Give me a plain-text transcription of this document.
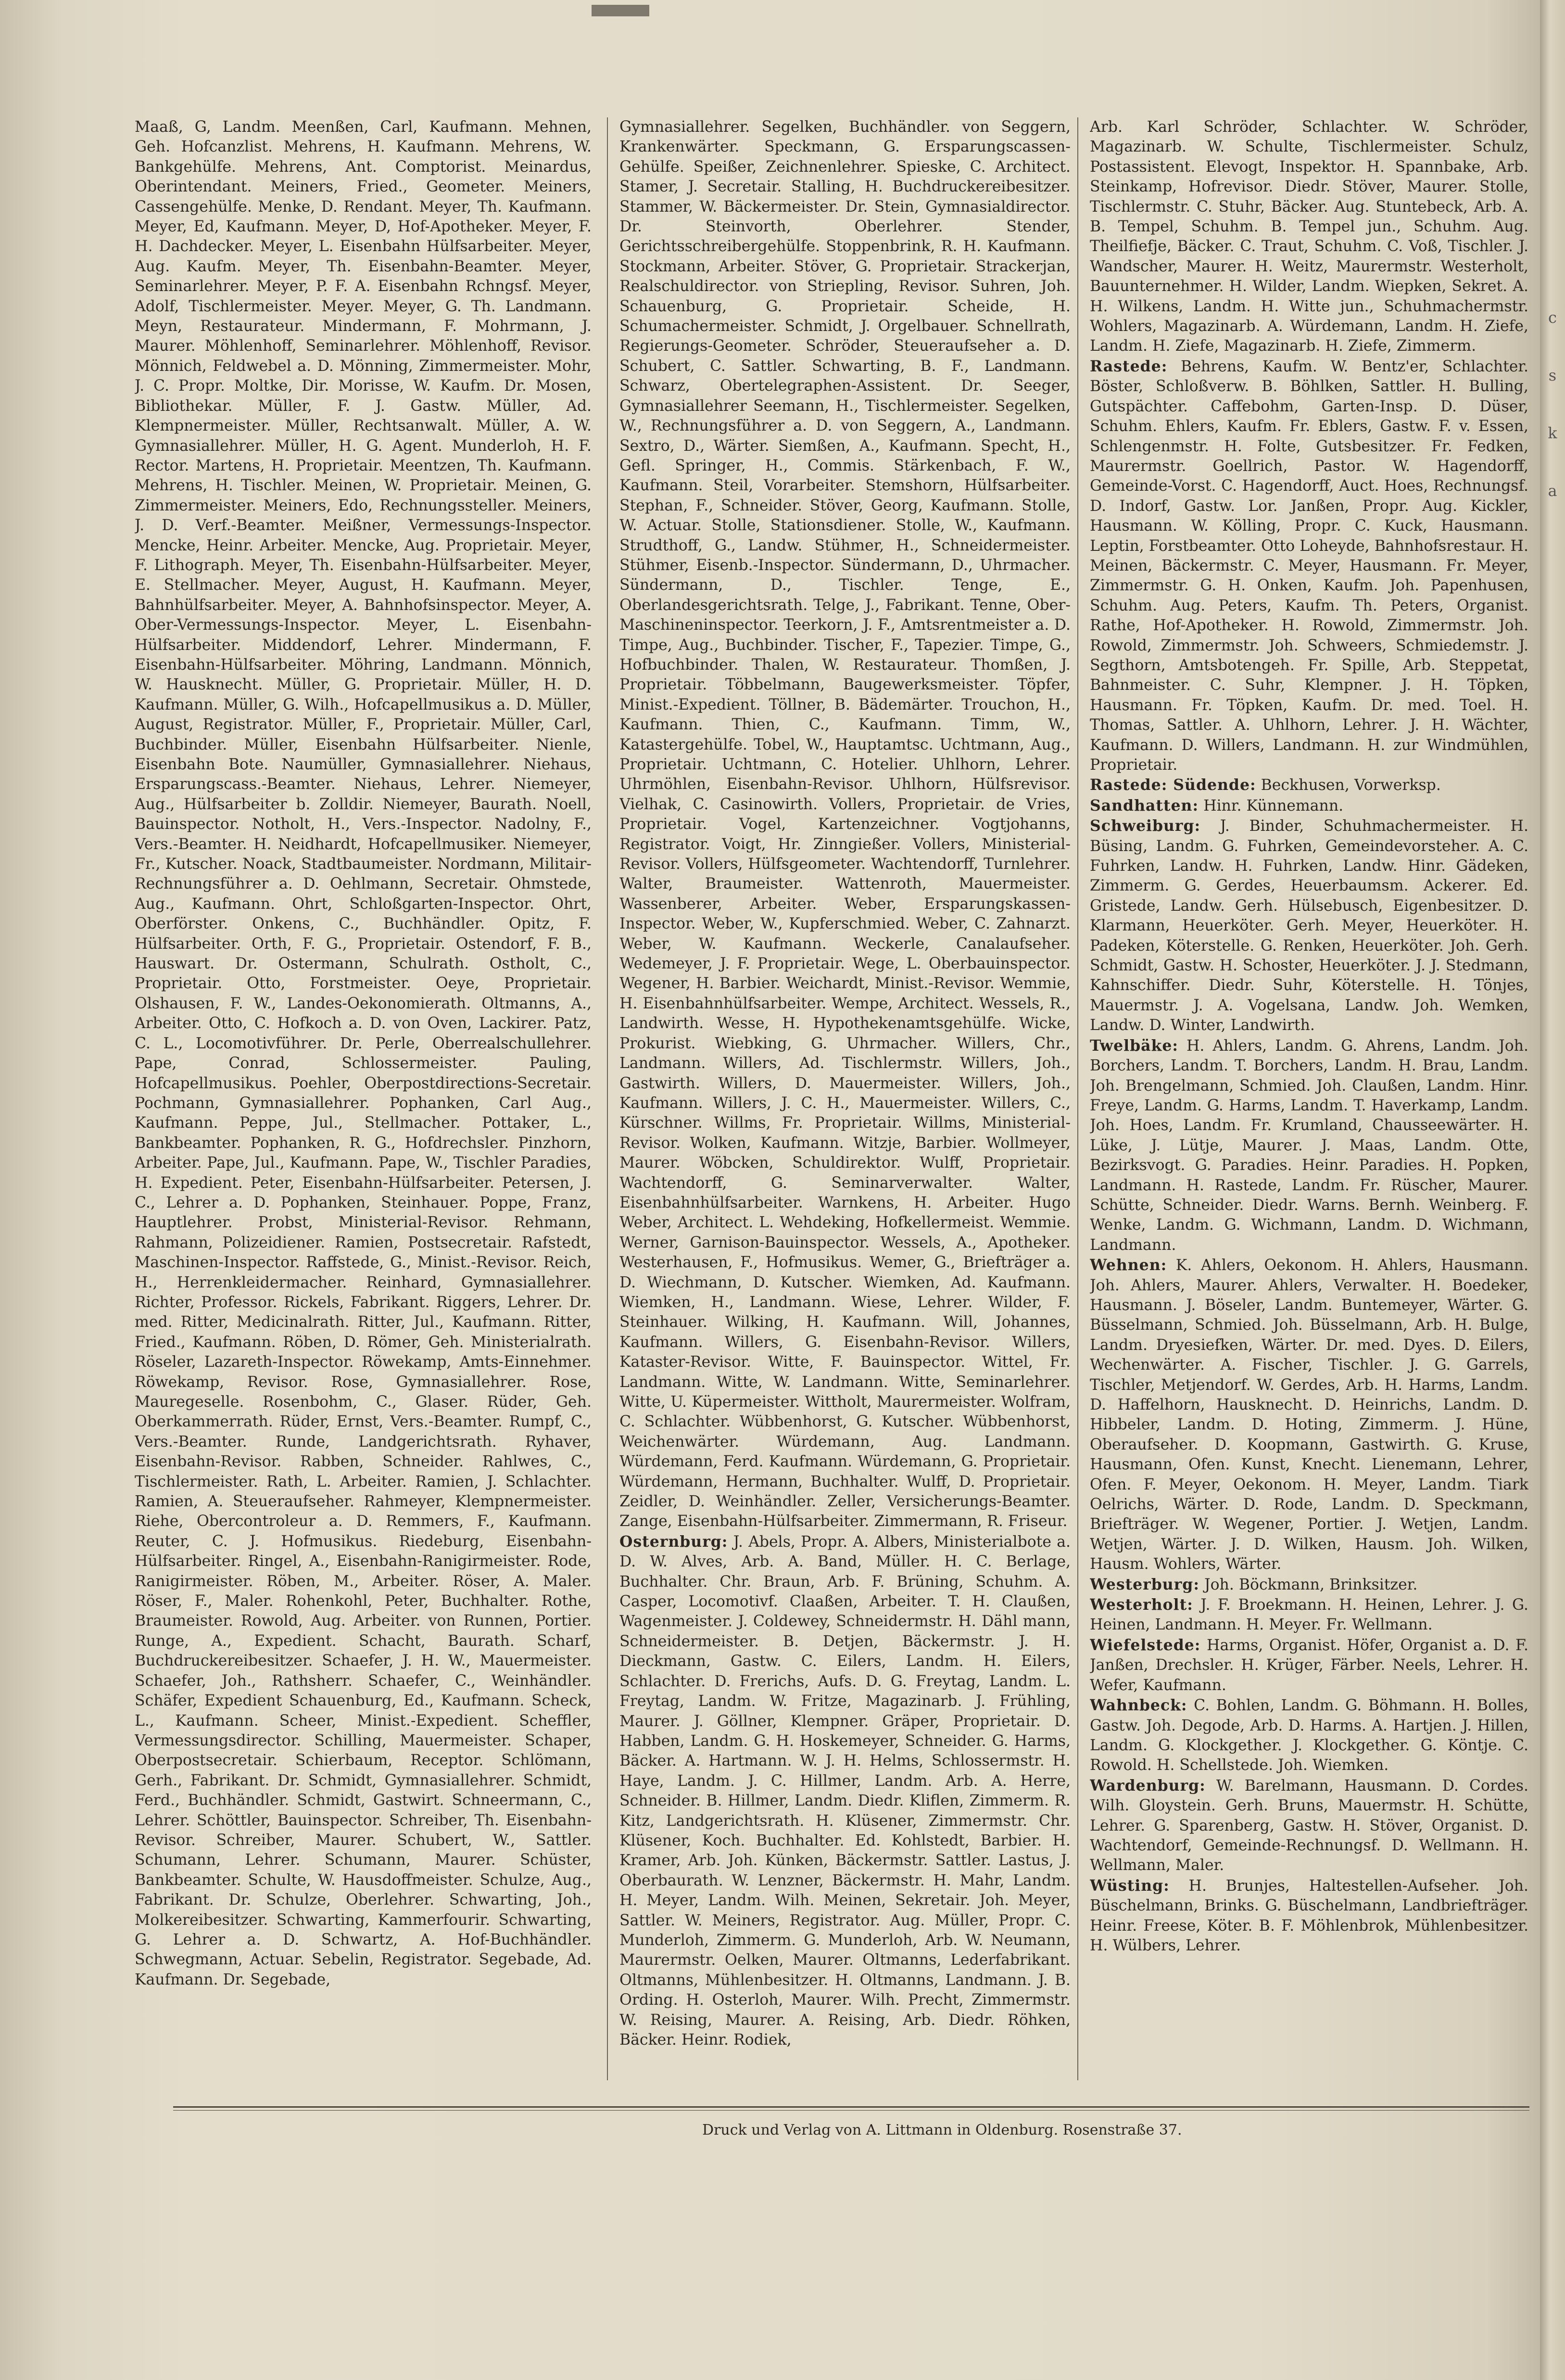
c s k a

Maaß, G, Landm. Meenßen, Carl, Kaufmann. Mehnen, Geh. Hofcanzlist. Mehrens, H. Kaufmann. Mehrens, W. Bankgehülfe. Mehrens, Ant. Comptorist. Meinardus, Oberintendant. Meiners, Fried., Geometer. Meiners, Cassengehülfe. Menke, D. Rendant. Meyer, Th. Kaufmann. Meyer, Ed, Kaufmann. Meyer, D, Hof-Apotheker. Meyer, F. H. Dachdecker. Meyer, L. Eisenbahn Hülfsarbeiter. Meyer, Aug. Kaufm. Meyer, Th. Eisenbahn-Beamter. Meyer, Seminarlehrer. Meyer, P. F. A. Eisenbahn Rchngsf. Meyer, Adolf, Tischlermeister. Meyer. Meyer, G. Th. Landmann. Meyn, Restaurateur. Mindermann, F. Mohrmann, J. Maurer. Möhlenhoff, Seminarlehrer. Möhlenhoff, Revisor. Mönnich, Feldwebel a. D. Mönning, Zimmermeister. Mohr, J. C. Propr. Moltke, Dir. Morisse, W. Kaufm. Dr. Mosen, Bibliothekar. Müller, F. J. Gastw. Müller, Ad. Klempnermeister. Müller, Rechtsanwalt. Müller, A. W. Gymnasiallehrer. Müller, H. G. Agent. Munderloh, H. F. Rector. Martens, H. Proprietair. Meentzen, Th. Kaufmann. Mehrens, H. Tischler. Meinen, W. Proprietair. Meinen, G. Zimmermeister. Meiners, Edo, Rechnungssteller. Meiners, J. D. Verf.-Beamter. Meißner, Vermessungs-Inspector. Mencke, Heinr. Arbeiter. Mencke, Aug. Proprietair. Meyer, F. Lithograph. Meyer, Th. Eisenbahn-Hülfsarbeiter. Meyer, E. Stellmacher. Meyer, August, H. Kaufmann. Meyer, Bahnhülfsarbeiter. Meyer, A. Bahnhofsinspector. Meyer, A. Ober-Vermessungs-Inspector. Meyer, L. Eisenbahn-Hülfsarbeiter. Middendorf, Lehrer. Mindermann, F. Eisenbahn-Hülfsarbeiter. Möhring, Landmann. Mönnich, W. Hausknecht. Müller, G. Proprietair. Müller, H. D. Kaufmann. Müller, G. Wilh., Hofcapellmusikus a. D. Müller, August, Registrator. Müller, F., Proprietair. Müller, Carl, Buchbinder. Müller, Eisenbahn Hülfsarbeiter. Nienle, Eisenbahn Bote. Naumüller, Gymnasiallehrer. Niehaus, Ersparungscass.-Beamter. Niehaus, Lehrer. Niemeyer, Aug., Hülfsarbeiter b. Zolldir. Niemeyer, Baurath. Noell, Bauinspector. Notholt, H., Vers.-Inspector. Nadolny, F., Vers.-Beamter. H. Neidhardt, Hofcapellmusiker. Niemeyer, Fr., Kutscher. Noack, Stadtbaumeister. Nordmann, Militair-Rechnungsführer a. D. Oehlmann, Secretair. Ohmstede, Aug., Kaufmann. Ohrt, Schloßgarten-Inspector. Ohrt, Oberförster. Onkens, C., Buchhändler. Opitz, F. Hülfsarbeiter. Orth, F. G., Proprietair. Ostendorf, F. B., Hauswart. Dr. Ostermann, Schulrath. Ostholt, C., Proprietair. Otto, Forstmeister. Oeye, Proprietair. Olshausen, F. W., Landes-Oekonomierath. Oltmanns, A., Arbeiter. Otto, C. Hofkoch a. D. von Oven, Lackirer. Patz, C. L., Locomotivführer. Dr. Perle, Oberrealschullehrer. Pape, Conrad, Schlossermeister. Pauling, Hofcapellmusikus. Poehler, Oberpostdirections-Secretair. Pochmann, Gymnasiallehrer. Pophanken, Carl Aug., Kaufmann. Peppe, Jul., Stellmacher. Pottaker, L., Bankbeamter. Pophanken, R. G., Hofdrechsler. Pinzhorn, Arbeiter. Pape, Jul., Kaufmann. Pape, W., Tischler Paradies, H. Expedient. Peter, Eisenbahn-Hülfsarbeiter. Petersen, J. C., Lehrer a. D. Pophanken, Steinhauer. Poppe, Franz, Hauptlehrer. Probst, Ministerial-Revisor. Rehmann, Rahmann, Polizeidiener. Ramien, Postsecretair. Rafstedt, Maschinen-Inspector. Raffstede, G., Minist.-Revisor. Reich, H., Herrenkleidermacher. Reinhard, Gymnasiallehrer. Richter, Professor. Rickels, Fabrikant. Riggers, Lehrer. Dr. med. Ritter, Medicinalrath. Ritter, Jul., Kaufmann. Ritter, Fried., Kaufmann. Röben, D. Römer, Geh. Ministerialrath. Röseler, Lazareth-Inspector. Röwekamp, Amts-Einnehmer. Röwekamp, Revisor. Rose, Gymnasiallehrer. Rose, Mauregeselle. Rosenbohm, C., Glaser. Rüder, Geh. Oberkammerrath. Rüder, Ernst, Vers.-Beamter. Rumpf, C., Vers.-Beamter. Runde, Landgerichtsrath. Ryhaver, Eisenbahn-Revisor. Rabben, Schneider. Rahlwes, C., Tischlermeister. Rath, L. Arbeiter. Ramien, J. Schlachter. Ramien, A. Steueraufseher. Rahmeyer, Klempnermeister. Riehe, Obercontroleur a. D. Remmers, F., Kaufmann. Reuter, C. J. Hofmusikus. Riedeburg, Eisenbahn-Hülfsarbeiter. Ringel, A., Eisenbahn-Ranigirmeister. Rode, Ranigirmeister. Röben, M., Arbeiter. Röser, A. Maler. Röser, F., Maler. Rohenkohl, Peter, Buchhalter. Rothe, Braumeister. Rowold, Aug. Arbeiter. von Runnen, Portier. Runge, A., Expedient. Schacht, Baurath. Scharf, Buchdruckereibesitzer. Schaefer, J. H. W., Mauermeister. Schaefer, Joh., Rathsherr. Schaefer, C., Weinhändler. Schäfer, Expedient Schauenburg, Ed., Kaufmann. Scheck, L., Kaufmann. Scheer, Minist.-Expedient. Scheffler, Vermessungsdirector. Schilling, Mauermeister. Schaper, Oberpostsecretair. Schierbaum, Receptor. Schlömann, Gerh., Fabrikant. Dr. Schmidt, Gymnasiallehrer. Schmidt, Ferd., Buchhändler. Schmidt, Gastwirt. Schneermann, C., Lehrer. Schöttler, Bauinspector. Schreiber, Th. Eisenbahn-Revisor. Schreiber, Maurer. Schubert, W., Sattler. Schumann, Lehrer. Schumann, Maurer. Schüster, Bankbeamter. Schulte, W. Hausdoffmeister. Schulze, Aug., Fabrikant. Dr. Schulze, Oberlehrer. Schwarting, Joh., Molkereibesitzer. Schwarting, Kammerfourir. Schwarting, G. Lehrer a. D. Schwartz, A. Hof-Buchhändler. Schwegmann, Actuar. Sebelin, Registrator. Segebade, Ad. Kaufmann. Dr. Segebade,

Gymnasiallehrer. Segelken, Buchhändler. von Seggern, Krankenwärter. Speckmann, G. Ersparungscassen-Gehülfe. Speißer, Zeichnenlehrer. Spieske, C. Architect. Stamer, J. Secretair. Stalling, H. Buchdruckereibesitzer. Stammer, W. Bäckermeister. Dr. Stein, Gymnasialdirector. Dr. Steinvorth, Oberlehrer. Stender, Gerichtsschreibergehülfe. Stoppenbrink, R. H. Kaufmann. Stockmann, Arbeiter. Stöver, G. Proprietair. Strackerjan, Realschuldirector. von Striepling, Revisor. Suhren, Joh. Schauenburg, G. Proprietair. Scheide, H. Schumachermeister. Schmidt, J. Orgelbauer. Schnellrath, Regierungs-Geometer. Schröder, Steueraufseher a. D. Schubert, C. Sattler. Schwarting, B. F., Landmann. Schwarz, Obertelegraphen-Assistent. Dr. Seeger, Gymnasiallehrer Seemann, H., Tischlermeister. Segelken, W., Rechnungsführer a. D. von Seggern, A., Landmann. Sextro, D., Wärter. Siemßen, A., Kaufmann. Specht, H., Gefl. Springer, H., Commis. Stärkenbach, F. W., Kaufmann. Steil, Vorarbeiter. Stemshorn, Hülfsarbeiter. Stephan, F., Schneider. Stöver, Georg, Kaufmann. Stolle, W. Actuar. Stolle, Stationsdiener. Stolle, W., Kaufmann. Strudthoff, G., Landw. Stühmer, H., Schneidermeister. Stühmer, Eisenb.-Inspector. Sündermann, D., Uhrmacher. Sündermann, D., Tischler. Tenge, E., Oberlandesgerichtsrath. Telge, J., Fabrikant. Tenne, Ober-Maschineninspector. Teerkorn, J. F., Amtsrentmeister a. D. Timpe, Aug., Buchbinder. Tischer, F., Tapezier. Timpe, G., Hofbuchbinder. Thalen, W. Restaurateur. Thomßen, J. Proprietair. Többelmann, Baugewerksmeister. Töpfer, Minist.-Expedient. Töllner, B. Bädemärter. Trouchon, H., Kaufmann. Thien, C., Kaufmann. Timm, W., Katastergehülfe. Tobel, W., Hauptamtsc. Uchtmann, Aug., Proprietair. Uchtmann, C. Hotelier. Uhlhorn, Lehrer. Uhrmöhlen, Eisenbahn-Revisor. Uhlhorn, Hülfsrevisor. Vielhak, C. Casinowirth. Vollers, Proprietair. de Vries, Proprietair. Vogel, Kartenzeichner. Vogtjohanns, Registrator. Voigt, Hr. Zinngießer. Vollers, Ministerial-Revisor. Vollers, Hülfsgeometer. Wachtendorff, Turnlehrer. Walter, Braumeister. Wattenroth, Mauermeister. Wassenberer, Arbeiter. Weber, Ersparungskassen-Inspector. Weber, W., Kupferschmied. Weber, C. Zahnarzt. Weber, W. Kaufmann. Weckerle, Canalaufseher. Wedemeyer, J. F. Proprietair. Wege, L. Oberbauinspector. Wegener, H. Barbier. Weichardt, Minist.-Revisor. Wemmie, H. Eisenbahnhülfsarbeiter. Wempe, Architect. Wessels, R., Landwirth. Wesse, H. Hypothekenamtsgehülfe. Wicke, Prokurist. Wiebking, G. Uhrmacher. Willers, Chr., Landmann. Willers, Ad. Tischlermstr. Willers, Joh., Gastwirth. Willers, D. Mauermeister. Willers, Joh., Kaufmann. Willers, J. C. H., Mauermeister. Willers, C., Kürschner. Willms, Fr. Proprietair. Willms, Ministerial-Revisor. Wolken, Kaufmann. Witzje, Barbier. Wollmeyer, Maurer. Wöbcken, Schuldirektor. Wulff, Proprietair. Wachtendorff, G. Seminarverwalter. Walter, Eisenbahnhülfsarbeiter. Warnkens, H. Arbeiter. Hugo Weber, Architect. L. Wehdeking, Hofkellermeist. Wemmie. Werner, Garnison-Bauinspector. Wessels, A., Apotheker. Westerhausen, F., Hofmusikus. Wemer, G., Briefträger a. D. Wiechmann, D. Kutscher. Wiemken, Ad. Kaufmann. Wiemken, H., Landmann. Wiese, Lehrer. Wilder, F. Steinhauer. Wilking, H. Kaufmann. Will, Johannes, Kaufmann. Willers, G. Eisenbahn-Revisor. Willers, Kataster-Revisor. Witte, F. Bauinspector. Wittel, Fr. Landmann. Witte, W. Landmann. Witte, Seminarlehrer. Witte, U. Küpermeister. Wittholt, Maurermeister. Wolfram, C. Schlachter. Wübbenhorst, G. Kutscher. Wübbenhorst, Weichenwärter. Würdemann, Aug. Landmann. Würdemann, Ferd. Kaufmann. Würdemann, G. Proprietair. Würdemann, Hermann, Buchhalter. Wulff, D. Proprietair. Zeidler, D. Weinhändler. Zeller, Versicherungs-Beamter. Zange, Eisenbahn-Hülfsarbeiter. Zimmermann, R. Friseur.

Osternburg: J. Abels, Propr. A. Albers, Ministerialbote a. D. W. Alves, Arb. A. Band, Müller. H. C. Berlage, Buchhalter. Chr. Braun, Arb. F. Brüning, Schuhm. A. Casper, Locomotivf. Claaßen, Arbeiter. T. H. Claußen, Wagenmeister. J. Coldewey, Schneidermstr. H. Dähl mann, Schneidermeister. B. Detjen, Bäckermstr. J. H. Dieckmann, Gastw. C. Eilers, Landm. H. Eilers, Schlachter. D. Frerichs, Aufs. D. G. Freytag, Landm. L. Freytag, Landm. W. Fritze, Magazinarb. J. Frühling, Maurer. J. Göllner, Klempner. Gräper, Proprietair. D. Habben, Landm. G. H. Hoskemeyer, Schneider. G. Harms, Bäcker. A. Hartmann. W. J. H. Helms, Schlossermstr. H. Haye, Landm. J. C. Hillmer, Landm. Arb. A. Herre, Schneider. B. Hillmer, Landm. Diedr. Kliflen, Zimmerm. R. Kitz, Landgerichtsrath. H. Klüsener, Zimmermstr. Chr. Klüsener, Koch. Buchhalter. Ed. Kohlstedt, Barbier. H. Kramer, Arb. Joh. Künken, Bäckermstr. Sattler. Lastus, J. Oberbaurath. W. Lenzner, Bäckermstr. H. Mahr, Landm. H. Meyer, Landm. Wilh. Meinen, Sekretair. Joh. Meyer, Sattler. W. Meiners, Registrator. Aug. Müller, Propr. C. Munderloh, Zimmerm. G. Munderloh, Arb. W. Neumann, Maurermstr. Oelken, Maurer. Oltmanns, Lederfabrikant. Oltmanns, Mühlenbesitzer. H. Oltmanns, Landmann. J. B. Ording. H. Osterloh, Maurer. Wilh. Precht, Zimmermstr. W. Reising, Maurer. A. Reising, Arb. Diedr. Röhken, Bäcker. Heinr. Rodiek,

Arb. Karl Schröder, Schlachter. W. Schröder, Magazinarb. W. Schulte, Tischlermeister. Schulz, Postassistent. Elevogt, Inspektor. H. Spannbake, Arb. Steinkamp, Hofrevisor. Diedr. Stöver, Maurer. Stolle, Tischlermstr. C. Stuhr, Bäcker. Aug. Stuntebeck, Arb. A. B. Tempel, Schuhm. B. Tempel jun., Schuhm. Aug. Theilfiefje, Bäcker. C. Traut, Schuhm. C. Voß, Tischler. J. Wandscher, Maurer. H. Weitz, Maurermstr. Westerholt, Bauunternehmer. H. Wilder, Landm. Wiepken, Sekret. A. H. Wilkens, Landm. H. Witte jun., Schuhmachermstr. Wohlers, Magazinarb. A. Würdemann, Landm. H. Ziefe, Landm. H. Ziefe, Magazinarb. H. Ziefe, Zimmerm.

Rastede: Behrens, Kaufm. W. Bentz'er, Schlachter. Böster, Schloßverw. B. Böhlken, Sattler. H. Bulling, Gutspächter. Caffebohm, Garten-Insp. D. Düser, Schuhm. Ehlers, Kaufm. Fr. Eblers, Gastw. F. v. Essen, Schlengenmstr. H. Folte, Gutsbesitzer. Fr. Fedken, Maurermstr. Goellrich, Pastor. W. Hagendorff, Gemeinde-Vorst. C. Hagendorff, Auct. Hoes, Rechnungsf. D. Indorf, Gastw. Lor. Janßen, Propr. Aug. Kickler, Hausmann. W. Kölling, Propr. C. Kuck, Hausmann. Leptin, Forstbeamter. Otto Loheyde, Bahnhofsrestaur. H. Meinen, Bäckermstr. C. Meyer, Hausmann. Fr. Meyer, Zimmermstr. G. H. Onken, Kaufm. Joh. Papenhusen, Schuhm. Aug. Peters, Kaufm. Th. Peters, Organist. Rathe, Hof-Apotheker. H. Rowold, Zimmermstr. Joh. Rowold, Zimmermstr. Joh. Schweers, Schmiedemstr. J. Segthorn, Amtsbotengeh. Fr. Spille, Arb. Steppetat, Bahnmeister. C. Suhr, Klempner. J. H. Töpken, Hausmann. Fr. Töpken, Kaufm. Dr. med. Toel. H. Thomas, Sattler. A. Uhlhorn, Lehrer. J. H. Wächter, Kaufmann. D. Willers, Landmann. H. zur Windmühlen, Proprietair.

Rastede: Südende: Beckhusen, Vorwerksp.

Sandhatten: Hinr. Künnemann.

Schweiburg: J. Binder, Schuhmachermeister. H. Büsing, Landm. G. Fuhrken, Gemeindevorsteher. A. C. Fuhrken, Landw. H. Fuhrken, Landw. Hinr. Gädeken, Zimmerm. G. Gerdes, Heuerbaumsm. Ackerer. Ed. Gristede, Landw. Gerh. Hülsebusch, Eigenbesitzer. D. Klarmann, Heuerköter. Gerh. Meyer, Heuerköter. H. Padeken, Köterstelle. G. Renken, Heuerköter. Joh. Gerh. Schmidt, Gastw. H. Schoster, Heuerköter. J. J. Stedmann, Kahnschiffer. Diedr. Suhr, Köterstelle. H. Tönjes, Mauermstr. J. A. Vogelsana, Landw. Joh. Wemken, Landw. D. Winter, Landwirth.

Twelbäke: H. Ahlers, Landm. G. Ahrens, Landm. Joh. Borchers, Landm. T. Borchers, Landm. H. Brau, Landm. Joh. Brengelmann, Schmied. Joh. Claußen, Landm. Hinr. Freye, Landm. G. Harms, Landm. T. Haverkamp, Landm. Joh. Hoes, Landm. Fr. Krumland, Chausseewärter. H. Lüke, J. Lütje, Maurer. J. Maas, Landm. Otte, Bezirksvogt. G. Paradies. Heinr. Paradies. H. Popken, Landmann. H. Rastede, Landm. Fr. Rüscher, Maurer. Schütte, Schneider. Diedr. Warns. Bernh. Weinberg. F. Wenke, Landm. G. Wichmann, Landm. D. Wichmann, Landmann.

Wehnen: K. Ahlers, Oekonom. H. Ahlers, Hausmann. Joh. Ahlers, Maurer. Ahlers, Verwalter. H. Boedeker, Hausmann. J. Böseler, Landm. Buntemeyer, Wärter. G. Büsselmann, Schmied. Joh. Büsselmann, Arb. H. Bulge, Landm. Dryesiefken, Wärter. Dr. med. Dyes. D. Eilers, Wechenwärter. A. Fischer, Tischler. J. G. Garrels, Tischler, Metjendorf. W. Gerdes, Arb. H. Harms, Landm. D. Haffelhorn, Hausknecht. D. Heinrichs, Landm. D. Hibbeler, Landm. D. Hoting, Zimmerm. J. Hüne, Oberaufseher. D. Koopmann, Gastwirth. G. Kruse, Hausmann, Ofen. Kunst, Knecht. Lienemann, Lehrer, Ofen. F. Meyer, Oekonom. H. Meyer, Landm. Tiark Oelrichs, Wärter. D. Rode, Landm. D. Speckmann, Briefträger. W. Wegener, Portier. J. Wetjen, Landm. Wetjen, Wärter. J. D. Wilken, Hausm. Joh. Wilken, Hausm. Wohlers, Wärter.

Westerburg: Joh. Böckmann, Brinksitzer.

Westerholt: J. F. Broekmann. H. Heinen, Lehrer. J. G. Heinen, Landmann. H. Meyer. Fr. Wellmann.

Wiefelstede: Harms, Organist. Höfer, Organist a. D. F. Janßen, Drechsler. H. Krüger, Färber. Neels, Lehrer. H. Wefer, Kaufmann.

Wahnbeck: C. Bohlen, Landm. G. Böhmann. H. Bolles, Gastw. Joh. Degode, Arb. D. Harms. A. Hartjen. J. Hillen, Landm. G. Klockgether. J. Klockgether. G. Köntje. C. Rowold. H. Schellstede. Joh. Wiemken.

Wardenburg: W. Barelmann, Hausmann. D. Cordes. Wilh. Gloystein. Gerh. Bruns, Mauermstr. H. Schütte, Lehrer. G. Sparenberg, Gastw. H. Stöver, Organist. D. Wachtendorf, Gemeinde-Rechnungsf. D. Wellmann. H. Wellmann, Maler.

Wüsting: H. Brunjes, Haltestellen-Aufseher. Joh. Büschelmann, Brinks. G. Büschelmann, Landbriefträger. Heinr. Freese, Köter. B. F. Möhlenbrok, Mühlenbesitzer. H. Wülbers, Lehrer.

Druck und Verlag von A. Littmann in Oldenburg. Rosenstraße 37.
